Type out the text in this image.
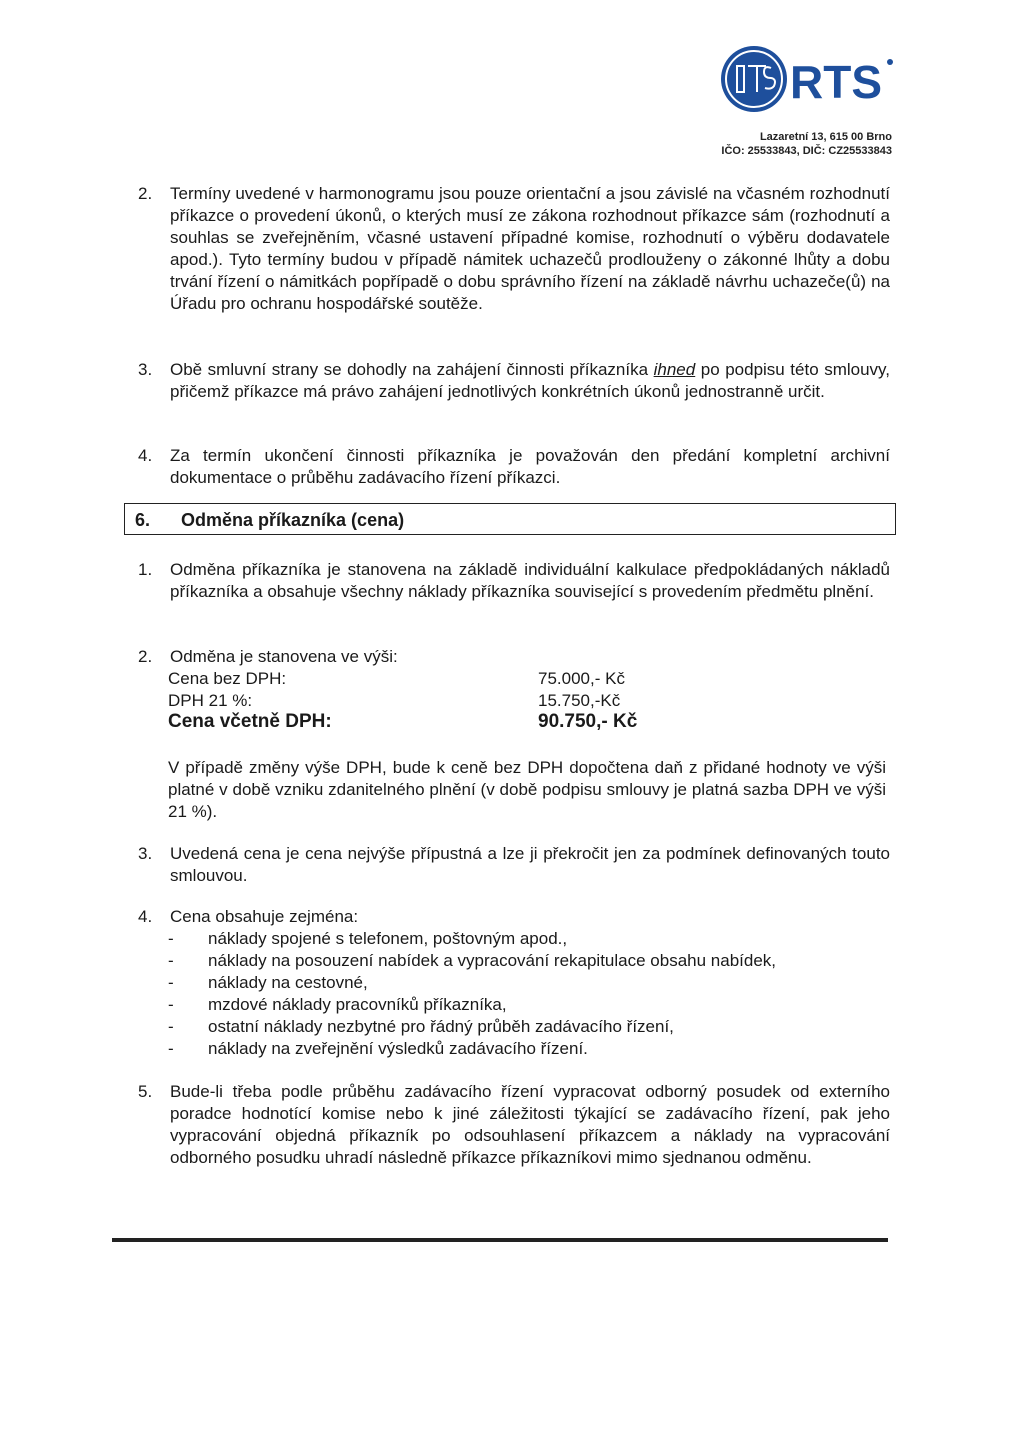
RTS
Lazaretní 13, 615 00 Brno
IČO: 25533843, DIČ: CZ25533843
2.	Termíny uvedené v harmonogramu jsou pouze orientační a jsou závislé na včasném rozhodnutí příkazce o provedení úkonů, o kterých musí ze zákona rozhodnout příkazce sám (rozhodnutí a souhlas se zveřejněním, včasné ustavení případné komise, rozhodnutí o výběru dodavatele apod.). Tyto termíny budou v případě námitek uchazečů prodlouženy o zákonné lhůty a dobu trvání řízení o námitkách popřípadě o dobu správního řízení na základě návrhu uchazeče(ů) na Úřadu pro ochranu hospodářské soutěže.
3.	Obě smluvní strany se dohodly na zahájení činnosti příkazníka ihned po podpisu této smlouvy, přičemž příkazce má právo zahájení jednotlivých konkrétních úkonů jednostranně určit.
4.	Za termín ukončení činnosti příkazníka je považován den předání kompletní archivní dokumentace o průběhu zadávacího řízení příkazci.
6. Odměna příkazníka (cena)
1.	Odměna příkazníka je stanovena na základě individuální kalkulace předpokládaných nákladů příkazníka a obsahuje všechny náklady příkazníka související s provedením předmětu plnění.
2.	Odměna je stanovena ve výši:
Cena bez DPH:	75.000,- Kč
DPH 21 %:	15.750,-Kč
Cena včetně DPH:	90.750,- Kč
V případě změny výše DPH, bude k ceně bez DPH dopočtena daň z přidané hodnoty ve výši platné v době vzniku zdanitelného plnění (v době podpisu smlouvy je platná sazba DPH ve výši 21 %).
3.	Uvedená cena je cena nejvýše přípustná a lze ji překročit jen za podmínek definovaných touto smlouvou.
4.	Cena obsahuje zejména:
- náklady spojené s telefonem, poštovným apod.,
- náklady na posouzení nabídek a vypracování rekapitulace obsahu nabídek,
- náklady na cestovné,
- mzdové náklady pracovníků příkazníka,
- ostatní náklady nezbytné pro řádný průběh zadávacího řízení,
- náklady na zveřejnění výsledků zadávacího řízení.
5.	Bude-li třeba podle průběhu zadávacího řízení vypracovat odborný posudek od externího poradce hodnotící komise nebo k jiné záležitosti týkající se zadávacího řízení, pak jeho vypracování objedná příkazník po odsouhlasení příkazcem a náklady na vypracování odborného posudku uhradí následně příkazce příkazníkovi mimo sjednanou odměnu.
